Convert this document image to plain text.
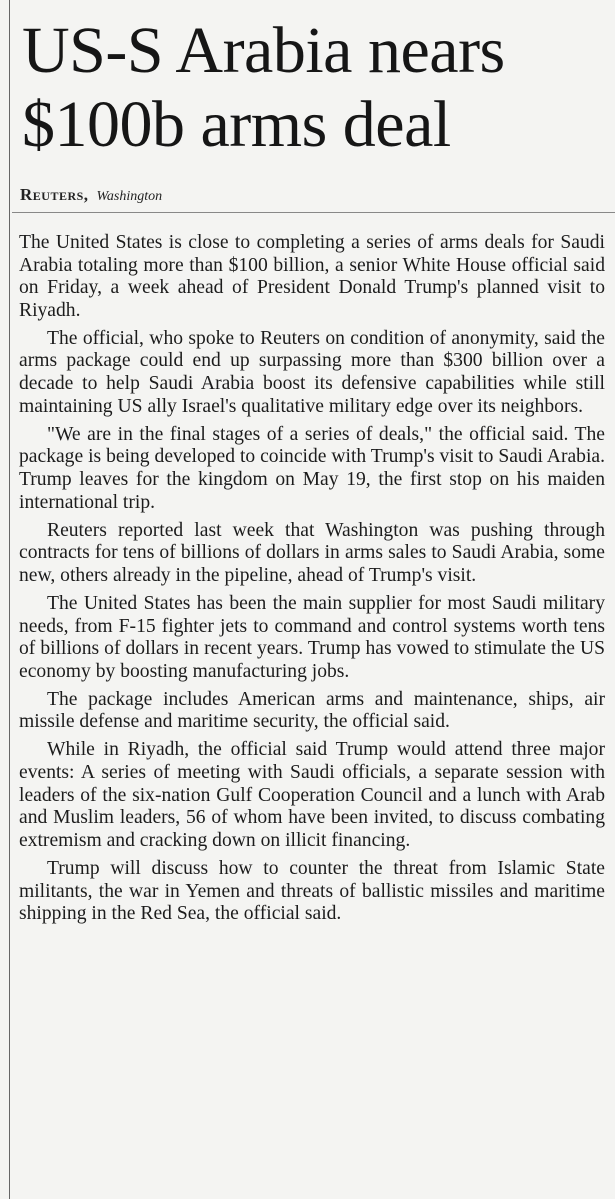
US-S Arabia nears
$100b arms deal
Reuters, Washington

The United States is close to completing a series of arms deals for Saudi Arabia totaling more than $100 billion, a senior White House official said on Friday, a week ahead of President Donald Trump's planned visit to Riyadh.

The official, who spoke to Reuters on condition of anonymity, said the arms package could end up surpassing more than $300 billion over a decade to help Saudi Arabia boost its defensive capabilities while still maintaining US ally Israel's qualitative military edge over its neighbors.

"We are in the final stages of a series of deals," the official said. The package is being developed to coincide with Trump's visit to Saudi Arabia. Trump leaves for the kingdom on May 19, the first stop on his maiden international trip.

Reuters reported last week that Washington was pushing through contracts for tens of billions of dollars in arms sales to Saudi Arabia, some new, others already in the pipeline, ahead of Trump's visit.

The United States has been the main supplier for most Saudi military needs, from F-15 fighter jets to command and control systems worth tens of billions of dollars in recent years. Trump has vowed to stimulate the US economy by boosting manufacturing jobs.

The package includes American arms and maintenance, ships, air missile defense and maritime security, the official said.

While in Riyadh, the official said Trump would attend three major events: A series of meeting with Saudi officials, a separate session with leaders of the six-nation Gulf Cooperation Council and a lunch with Arab and Muslim leaders, 56 of whom have been invited, to discuss combating extremism and cracking down on illicit financing.

Trump will discuss how to counter the threat from Islamic State militants, the war in Yemen and threats of ballistic missiles and maritime shipping in the Red Sea, the official said.
